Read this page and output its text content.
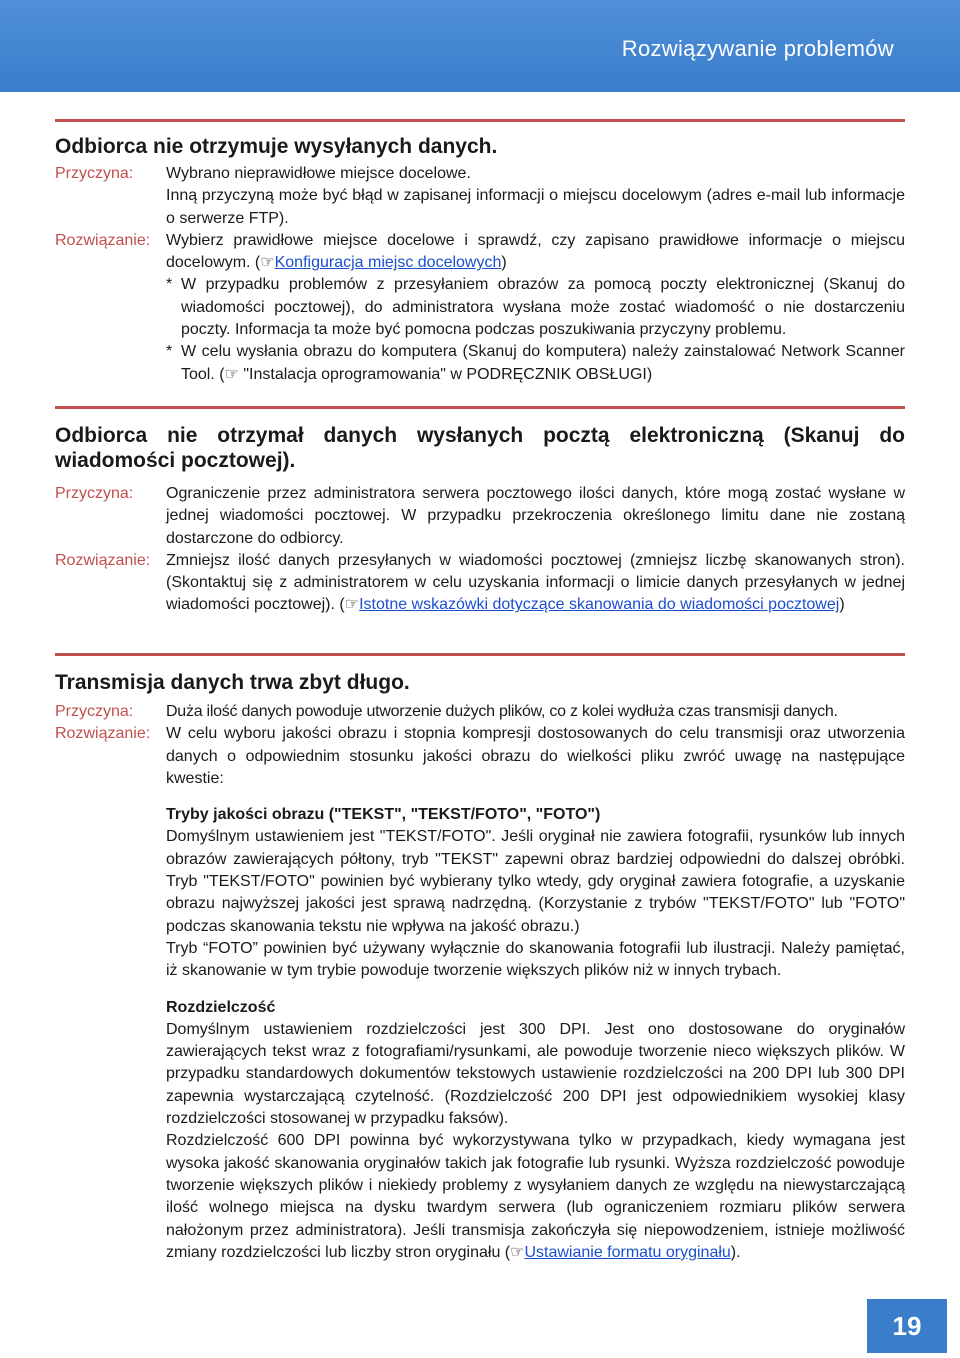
Rozwiązywanie problemów
Odbiorca nie otrzymuje wysyłanych danych.
Przyczyna: Wybrano nieprawidłowe miejsce docelowe.
Inną przyczyną może być błąd w zapisanej informacji o miejscu docelowym (adres e-mail lub informacje o serwerze FTP).
Rozwiązanie: Wybierz prawidłowe miejsce docelowe i sprawdź, czy zapisano prawidłowe informacje o miejscu docelowym. (☞Konfiguracja miejsc docelowych)
* W przypadku problemów z przesyłaniem obrazów za pomocą poczty elektronicznej (Skanuj do wiadomości pocztowej), do administratora wysłana może zostać wiadomość o nie dostarczeniu poczty. Informacja ta może być pomocna podczas poszukiwania przyczyny problemu.
* W celu wysłania obrazu do komputera (Skanuj do komputera) należy zainstalować Network Scanner Tool. (☞ "Instalacja oprogramowania" w PODRĘCZNIK OBSŁUGI)
Odbiorca nie otrzymał danych wysłanych pocztą elektroniczną (Skanuj do wiadomości pocztowej).
Przyczyna: Ograniczenie przez administratora serwera pocztowego ilości danych, które mogą zostać wysłane w jednej wiadomości pocztowej. W przypadku przekroczenia określonego limitu dane nie zostaną dostarczone do odbiorcy.
Rozwiązanie: Zmniejsz ilość danych przesyłanych w wiadomości pocztowej (zmniejsz liczbę skanowanych stron). (Skontaktuj się z administratorem w celu uzyskania informacji o limicie danych przesyłanych w jednej wiadomości pocztowej). (☞Istotne wskazówki dotyczące skanowania do wiadomości pocztowej)
Transmisja danych trwa zbyt długo.
Przyczyna: Duża ilość danych powoduje utworzenie dużych plików, co z kolei wydłuża czas transmisji danych.
Rozwiązanie: W celu wyboru jakości obrazu i stopnia kompresji dostosowanych do celu transmisji oraz utworzenia danych o odpowiednim stosunku jakości obrazu do wielkości pliku zwróć uwagę na następujące kwestie:
Tryby jakości obrazu ("TEKST", "TEKST/FOTO", "FOTO")
Domyślnym ustawieniem jest "TEKST/FOTO". Jeśli oryginał nie zawiera fotografii, rysunków lub innych obrazów zawierających półtony, tryb "TEKST" zapewni obraz bardziej odpowiedni do dalszej obróbki. Tryb "TEKST/FOTO" powinien być wybierany tylko wtedy, gdy oryginał zawiera fotografie, a uzyskanie obrazu najwyższej jakości jest sprawą nadrzędną. (Korzystanie z trybów "TEKST/FOTO" lub "FOTO" podczas skanowania tekstu nie wpływa na jakość obrazu.)
Tryb “FOTO” powinien być używany wyłącznie do skanowania fotografii lub ilustracji. Należy pamiętać, iż skanowanie w tym trybie powoduje tworzenie większych plików niż w innych trybach.
Rozdzielczość
Domyślnym ustawieniem rozdzielczości jest 300 DPI. Jest ono dostosowane do oryginałów zawierających tekst wraz z fotografiami/rysunkami, ale powoduje tworzenie nieco większych plików. W przypadku standardowych dokumentów tekstowych ustawienie rozdzielczości na 200 DPI lub 300 DPI zapewnia wystarczającą czytelność. (Rozdzielczość 200 DPI jest odpowiednikiem wysokiej klasy rozdzielczości stosowanej w przypadku faksów).
Rozdzielczość 600 DPI powinna być wykorzystywana tylko w przypadkach, kiedy wymagana jest wysoka jakość skanowania oryginałów takich jak fotografie lub rysunki. Wyższa rozdzielczość powoduje tworzenie większych plików i niekiedy problemy z wysyłaniem danych ze względu na niewystarczającą ilość wolnego miejsca na dysku twardym serwera (lub ograniczeniem rozmiaru plików serwera nałożonym przez administratora). Jeśli transmisja zakończyła się niepowodzeniem, istnieje możliwość zmiany rozdzielczości lub liczby stron oryginału (☞Ustawianie formatu oryginału).
19
